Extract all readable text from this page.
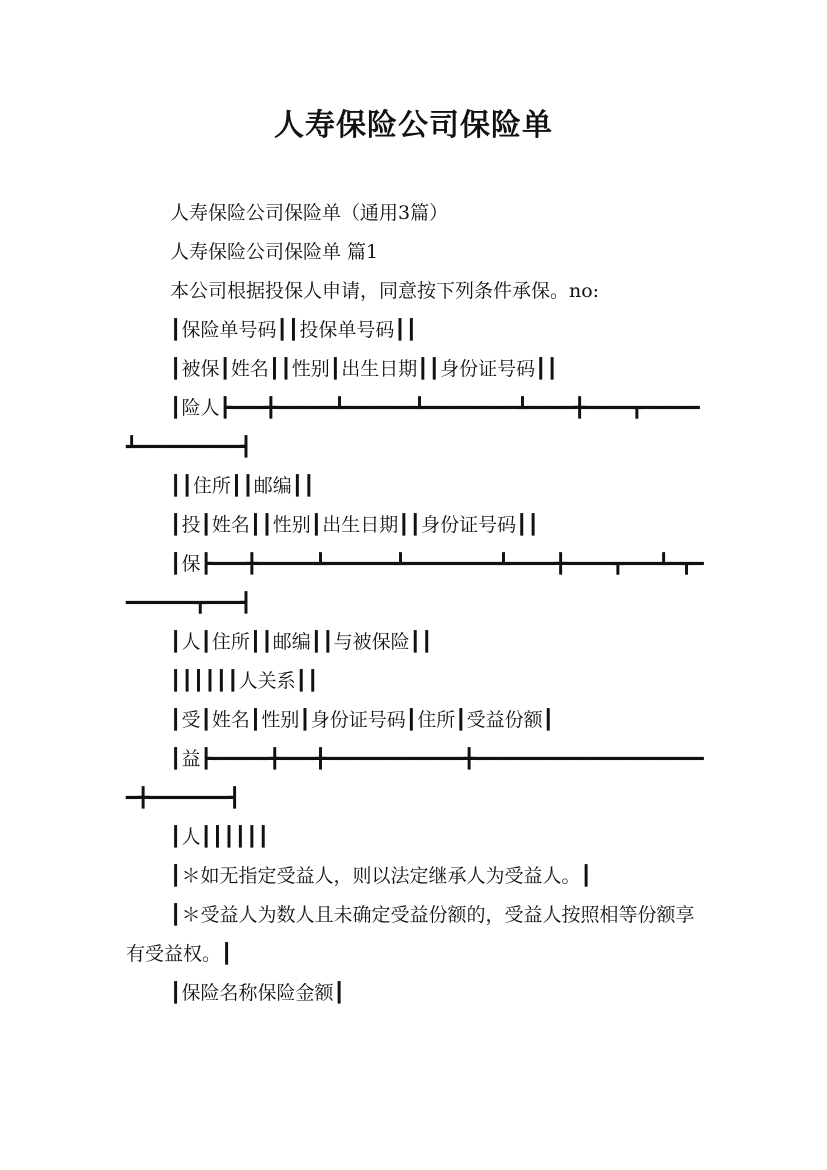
人寿保险公司保险单
人寿保险公司保险单（通用3篇）
人寿保险公司保险单 篇1
本公司根据投保人申请，同意按下列条件承保。no:
┃保险单号码┃┃投保单号码┃┃
┃被保┃姓名┃┃性别┃出生日期┃┃身份证号码┃┃
┃险人┣━━━╋━━━━━┻━━━━━━┻━━━━━━━━┻━━━━╋━━━━┳━━━━━┻━━━━━━━━━┫
┃┃住所┃┃邮编┃┃
┃投┃姓名┃┃性别┃出生日期┃┃身份证号码┃┃
┃保┣━━━╋━━━━━┻━━━━━━┻━━━━━━━━┻━━━━╋━━━━┳━━━┻━┳━━━━━━━┳━━━┫
┃人┃住所┃┃邮编┃┃与被保险┃┃
┃┃┃┃┃┃人关系┃┃
┃受┃姓名┃性别┃身份证号码┃住所┃受益份额┃
┃益┣━━━━━╋━━━╋━━━━━━━━━━━━╋━━━━━━━━━━━━━━━━━━━━━╋━━━━━━━┫
┃人┃┃┃┃┃┃
┃＊如无指定受益人，则以法定继承人为受益人。┃
┃＊受益人为数人且未确定受益份额的，受益人按照相等份额享有受益权。┃
┃保险名称保险金额┃
